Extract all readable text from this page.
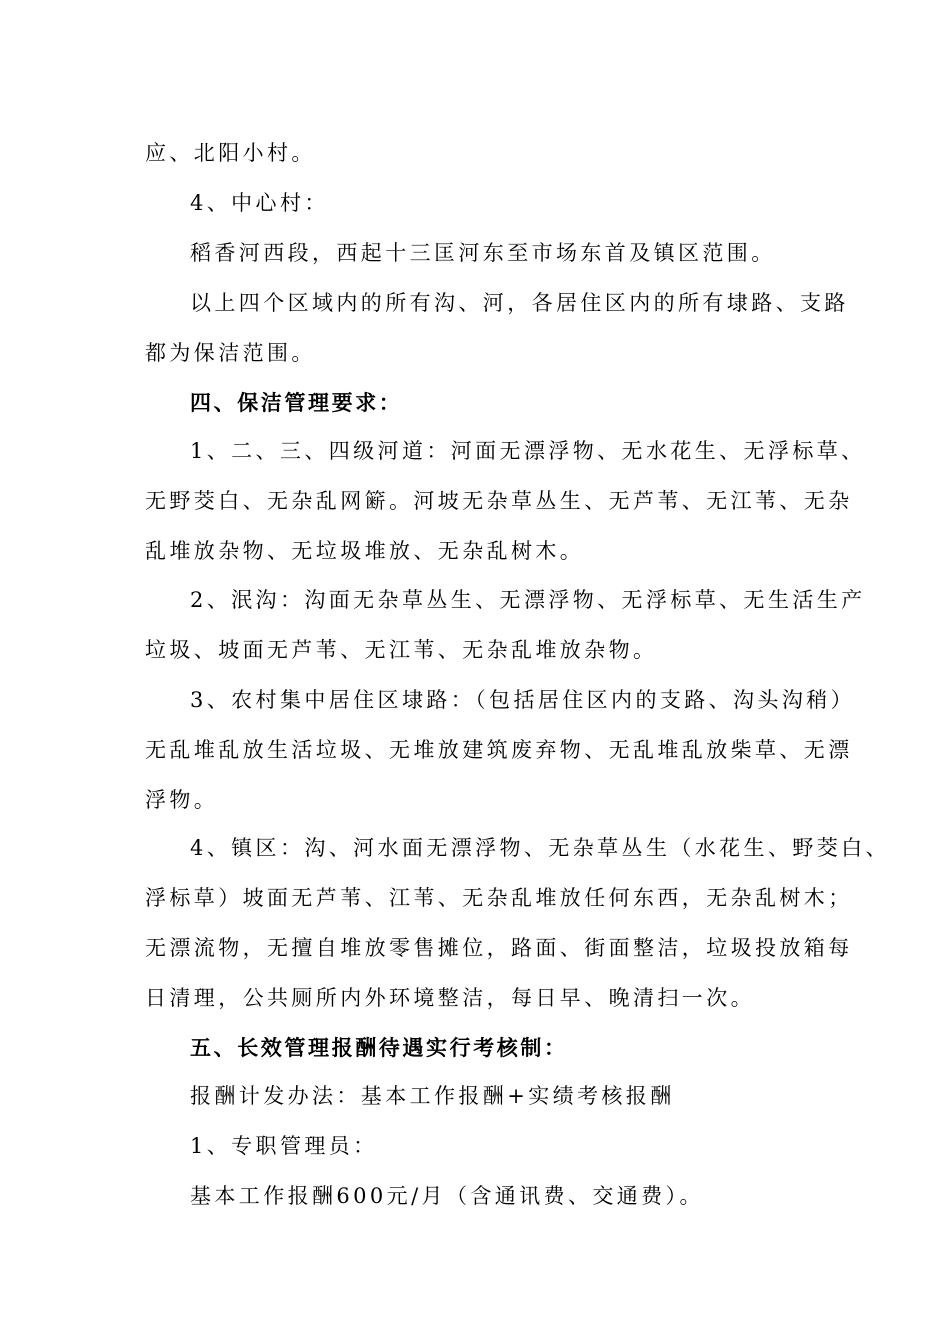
应、北阳小村。
4、中心村：
稻香河西段，西起十三匡河东至市场东首及镇区范围。
以上四个区域内的所有沟、河，各居住区内的所有埭路、支路
都为保洁范围。
四、保洁管理要求：
1、二、三、四级河道：河面无漂浮物、无水花生、无浮标草、
无野茭白、无杂乱网簖。河坡无杂草丛生、无芦苇、无江苇、无杂
乱堆放杂物、无垃圾堆放、无杂乱树木。
2、泯沟：沟面无杂草丛生、无漂浮物、无浮标草、无生活生产
垃圾、坡面无芦苇、无江苇、无杂乱堆放杂物。
3、农村集中居住区埭路：（包括居住区内的支路、沟头沟稍）
无乱堆乱放生活垃圾、无堆放建筑废弃物、无乱堆乱放柴草、无漂
浮物。
4、镇区：沟、河水面无漂浮物、无杂草丛生（水花生、野茭白、
浮标草）坡面无芦苇、江苇、无杂乱堆放任何东西，无杂乱树木；
无漂流物，无擅自堆放零售摊位，路面、街面整洁，垃圾投放箱每
日清理，公共厕所内外环境整洁，每日早、晚清扫一次。
五、长效管理报酬待遇实行考核制：
报酬计发办法：基本工作报酬+实绩考核报酬
1、专职管理员：
基本工作报酬600元/月（含通讯费、交通费）。
